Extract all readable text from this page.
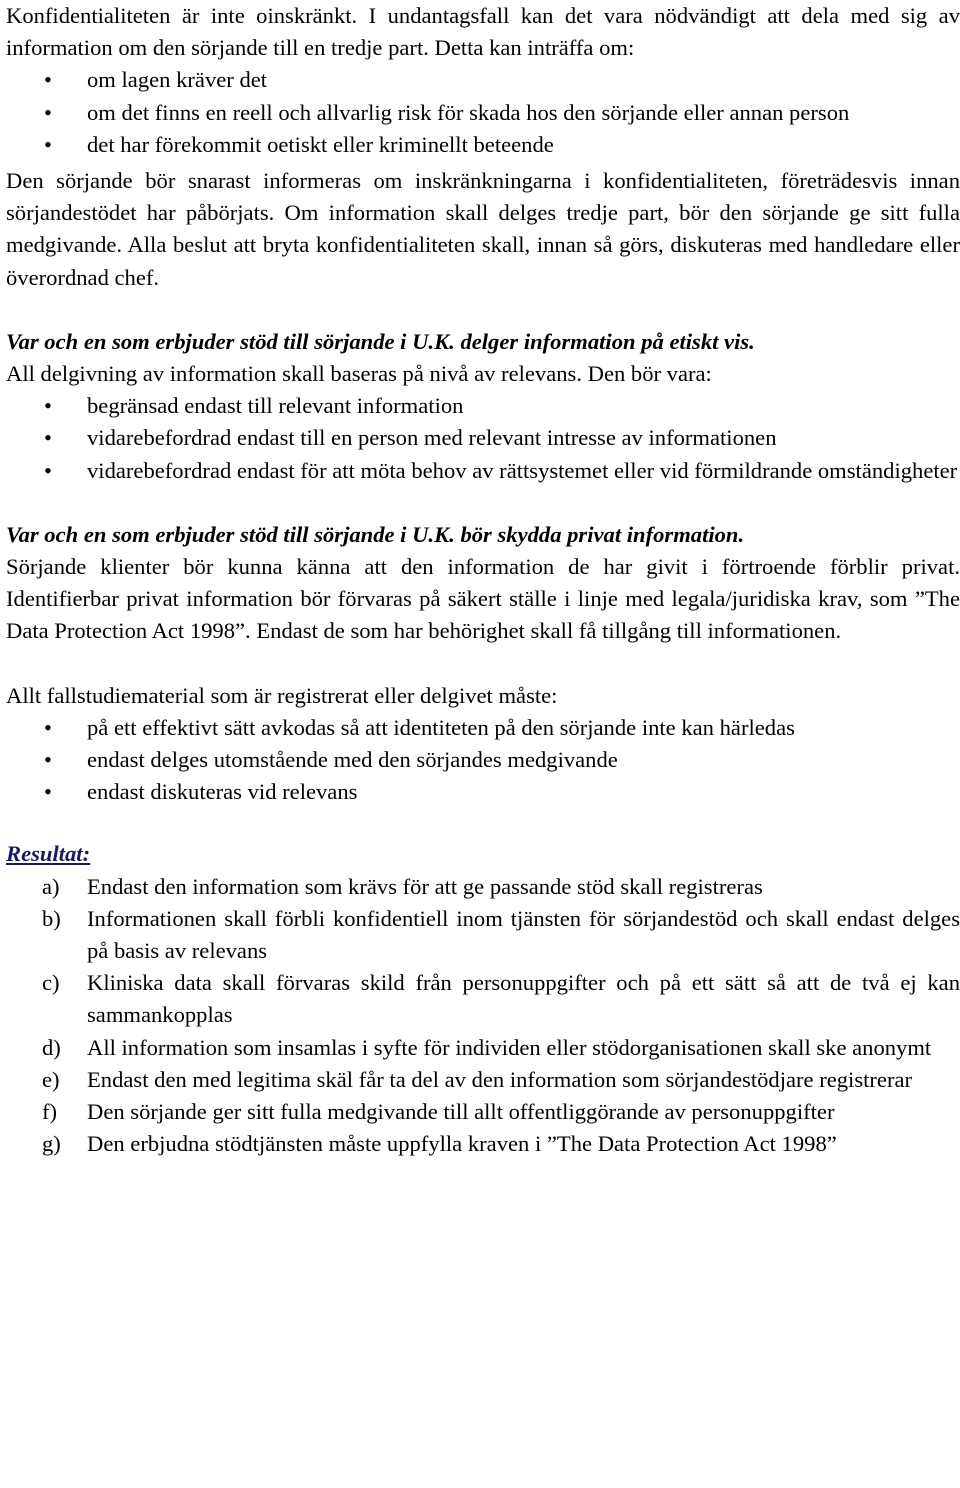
Konfidentialiteten är inte oinskränkt. I undantagsfall kan det vara nödvändigt att dela med sig av information om den sörjande till en tredje part. Detta kan inträffa om:

• om lagen kräver det
• om det finns en reell och allvarlig risk för skada hos den sörjande eller annan person
• det har förekommit oetiskt eller kriminellt beteende

Den sörjande bör snarast informeras om inskränkningarna i konfidentialiteten, företrädesvis innan sörjandestödet har påbörjats. Om information skall delges tredje part, bör den sörjande ge sitt fulla medgivande. Alla beslut att bryta konfidentialiteten skall, innan så görs, diskuteras med handledare eller överordnad chef.

Var och en som erbjuder stöd till sörjande i U.K. delger information på etiskt vis.

All delgivning av information skall baseras på nivå av relevans. Den bör vara:

• begränsad endast till relevant information
• vidarebefordrad endast till en person med relevant intresse av informationen
• vidarebefordrad endast för att möta behov av rättsystemet eller vid förmildrande omständigheter

Var och en som erbjuder stöd till sörjande i U.K. bör skydda privat information.

Sörjande klienter bör kunna känna att den information de har givit i förtroende förblir privat. Identifierbar privat information bör förvaras på säkert ställe i linje med legala/juridiska krav, som ”The Data Protection Act 1998”. Endast de som har behörighet skall få tillgång till informationen.

Allt fallstudiematerial som är registrerat eller delgivet måste:

• på ett effektivt sätt avkodas så att identiteten på den sörjande inte kan härledas
• endast delges utomstående med den sörjandes medgivande
• endast diskuteras vid relevans

Resultat:

a) Endast den information som krävs för att ge passande stöd skall registreras
b) Informationen skall förbli konfidentiell inom tjänsten för sörjandestöd och skall endast delges på basis av relevans
c) Kliniska data skall förvaras skild från personuppgifter och på ett sätt så att de två ej kan sammankopplas
d) All information som insamlas i syfte för individen eller stödorganisationen skall ske anonymt
e) Endast den med legitima skäl får ta del av den information som sörjandestödjare registrerar
f) Den sörjande ger sitt fulla medgivande till allt offentliggörande av personuppgifter
g) Den erbjudna stödtjänsten måste uppfylla kraven i ”The Data Protection Act 1998”
